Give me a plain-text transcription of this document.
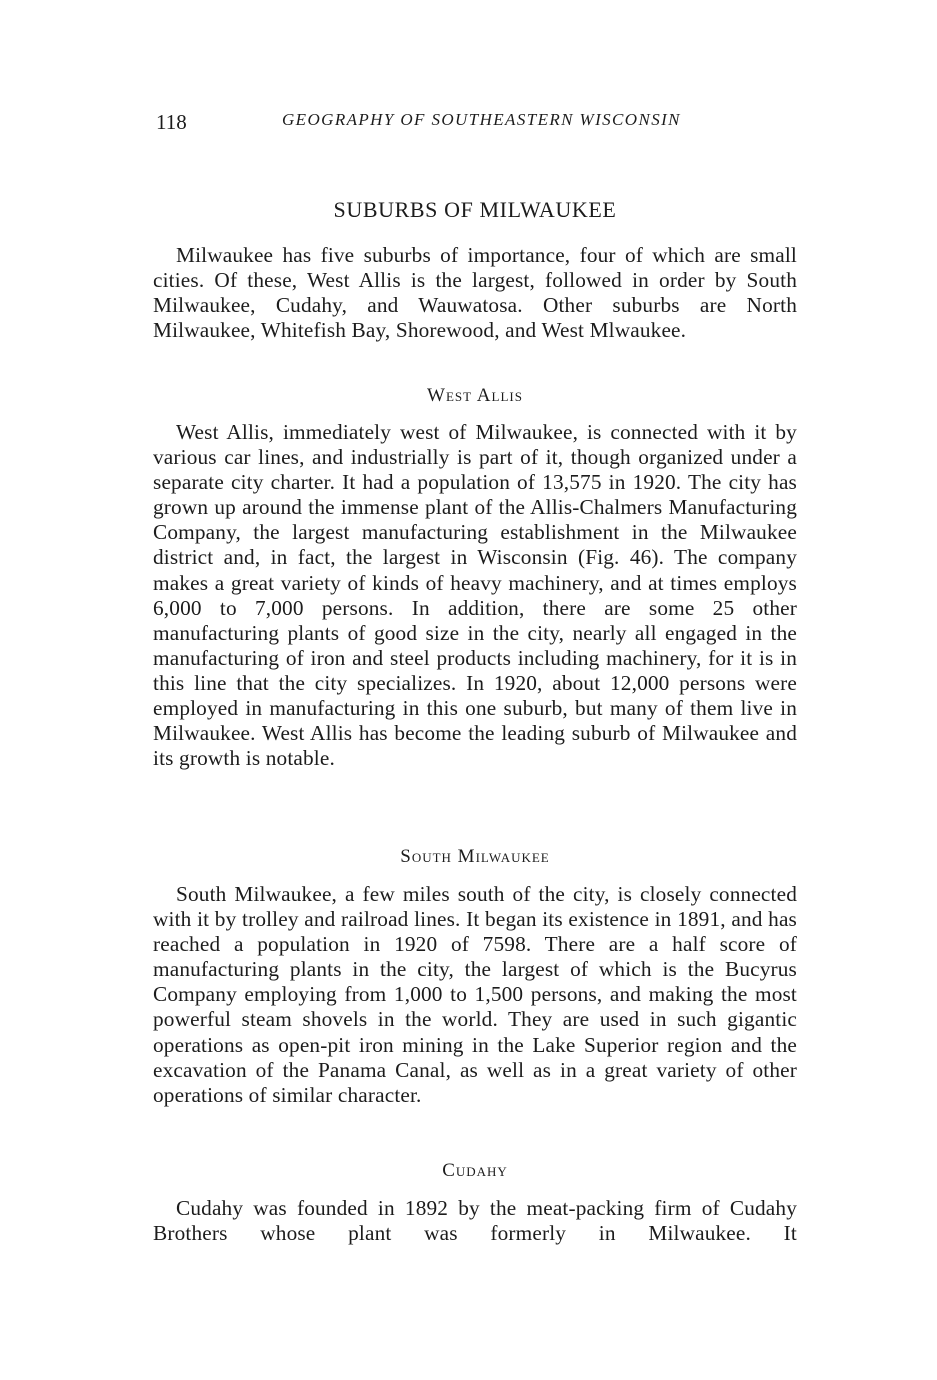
118	GEOGRAPHY OF SOUTHEASTERN WISCONSIN
SUBURBS OF MILWAUKEE

Milwaukee has five suburbs of importance, four of which are small cities. Of these, West Allis is the largest, followed in order by South Milwaukee, Cudahy, and Wauwatosa. Other suburbs are North Milwaukee, Whitefish Bay, Shorewood, and West Mlwaukee.

West Allis

West Allis, immediately west of Milwaukee, is connected with it by various car lines, and industrially is part of it, though organized under a separate city charter. It had a population of 13,575 in 1920. The city has grown up around the immense plant of the Allis-Chalmers Manufacturing Company, the largest manufacturing establishment in the Milwaukee district and, in fact, the largest in Wisconsin (Fig. 46). The company makes a great variety of kinds of heavy machinery, and at times employs 6,000 to 7,000 persons. In addition, there are some 25 other manufacturing plants of good size in the city, nearly all engaged in the manufacturing of iron and steel products including machinery, for it is in this line that the city specializes. In 1920, about 12,000 persons were employed in manufacturing in this one suburb, but many of them live in Milwaukee. West Allis has become the leading suburb of Milwaukee and its growth is notable.

South Milwaukee

South Milwaukee, a few miles south of the city, is closely connected with it by trolley and railroad lines. It began its existence in 1891, and has reached a population in 1920 of 7598. There are a half score of manufacturing plants in the city, the largest of which is the Bucyrus Company employing from 1,000 to 1,500 persons, and making the most powerful steam shovels in the world. They are used in such gigantic operations as open-pit iron mining in the Lake Superior region and the excavation of the Panama Canal, as well as in a great variety of other operations of similar character.

Cudahy

Cudahy was founded in 1892 by the meat-packing firm of Cudahy Brothers whose plant was formerly in Milwaukee. It
